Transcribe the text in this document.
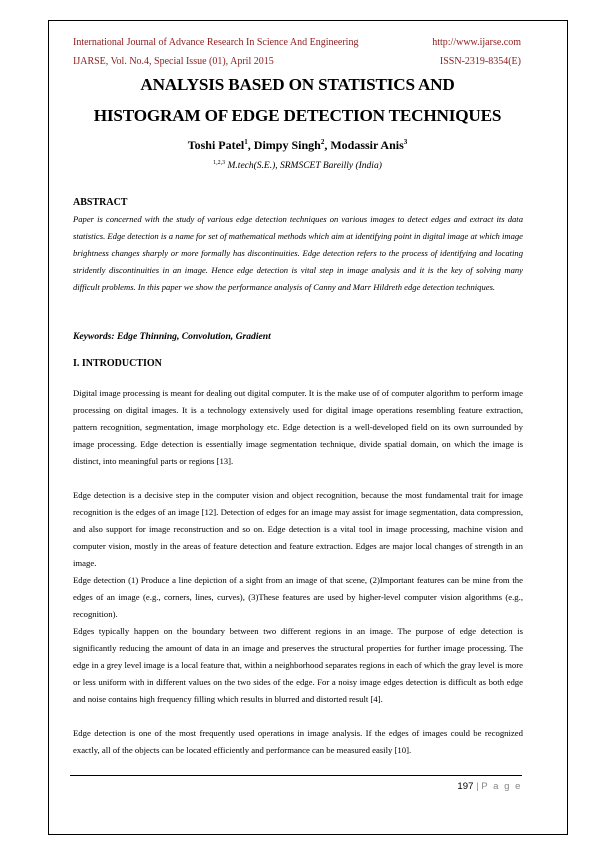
International Journal of Advance Research In Science And Engineering	http://www.ijarse.com
IJARSE, Vol. No.4, Special Issue (01), April 2015	ISSN-2319-8354(E)
ANALYSIS BASED ON STATISTICS AND
HISTOGRAM OF EDGE DETECTION TECHNIQUES
Toshi Patel$^1$, Dimpy Singh$^2$, Modassir Anis$^3$
$^{1,2,3}$ M.tech(S.E.), SRMSCET Bareilly (India)
ABSTRACT
Paper is concerned with the study of various edge detection techniques on various images to detect edges and extract its data statistics. Edge detection is a name for set of mathematical methods which aim at identifying point in digital image at which image brightness changes sharply or more formally has discontinuities. Edge detection refers to the process of identifying and locating stridently discontinuities in an image. Hence edge detection is vital step in image analysis and it is the key of solving many difficult problems. In this paper we show the performance analysis of Canny and Marr Hildreth edge detection techniques.
Keywords: Edge Thinning, Convolution, Gradient
I. INTRODUCTION
Digital image processing is meant for dealing out digital computer. It is the make use of of computer algorithm to perform image processing on digital images. It is a technology extensively used for digital image operations resembling feature extraction, pattern recognition, segmentation, image morphology etc. Edge detection is a well-developed field on its own surrounded by image processing. Edge detection is essentially image segmentation technique, divide spatial domain, on which the image is distinct, into meaningful parts or regions [13].
Edge detection is a decisive step in the computer vision and object recognition, because the most fundamental trait for image recognition is the edges of an image [12]. Detection of edges for an image may assist for image segmentation, data compression, and also support for image reconstruction and so on. Edge detection is a vital tool in image processing, machine vision and computer vision, mostly in the areas of feature detection and feature extraction. Edges are major local changes of strength in an image.
Edge detection (1) Produce a line depiction of a sight from an image of that scene, (2)Important features can be mine from the edges of an image (e.g., corners, lines, curves), (3)These features are used by higher-level computer vision algorithms (e.g., recognition).
Edges typically happen on the boundary between two different regions in an image. The purpose of edge detection is significantly reducing the amount of data in an image and preserves the structural properties for further image processing. The edge in a grey level image is a local feature that, within a neighborhood separates regions in each of which the gray level is more or less uniform with in different values on the two sides of the edge. For a noisy image edges detection is difficult as both edge and noise contains high frequency filling which results in blurred and distorted result [4].
Edge detection is one of the most frequently used operations in image analysis. If the edges of images could be recognized exactly, all of the objects can be located efficiently and performance can be measured easily [10].
197 | P a g e
